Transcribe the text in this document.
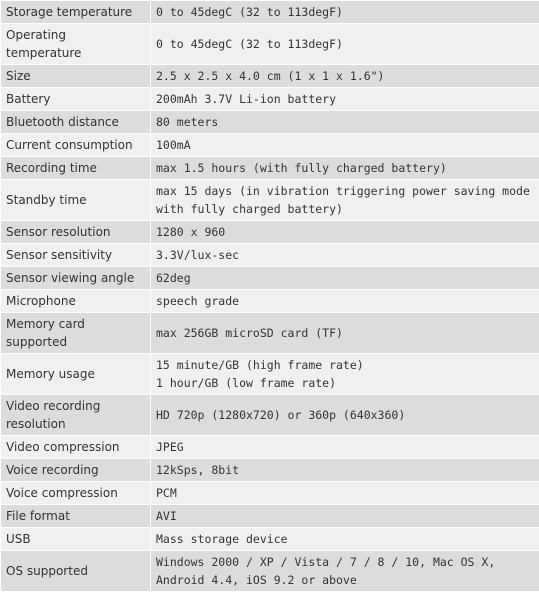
Storage temperature	0 to 45degC (32 to 113degF)
Operating temperature	0 to 45degC (32 to 113degF)
Size	2.5 x 2.5 x 4.0 cm (1 x 1 x 1.6")
Battery	200mAh 3.7V Li-ion battery
Bluetooth distance	80 meters
Current consumption	100mA
Recording time	max 1.5 hours (with fully charged battery)
Standby time	max 15 days (in vibration triggering power saving mode with fully charged battery)
Sensor resolution	1280 x 960
Sensor sensitivity	3.3V/lux-sec
Sensor viewing angle	62deg
Microphone	speech grade
Memory card supported	max 256GB microSD card (TF)
Memory usage	15 minute/GB (high frame rate)
1 hour/GB (low frame rate)

Video recording resolution	HD 720p (1280x720) or 360p (640x360)
Video compression	JPEG
Voice recording	12kSps, 8bit
Voice compression	PCM
File format	AVI
USB	Mass storage device
OS supported	Windows 2000 / XP / Vista / 7 / 8 / 10, Mac OS X, Android 4.4, iOS 9.2 or above
